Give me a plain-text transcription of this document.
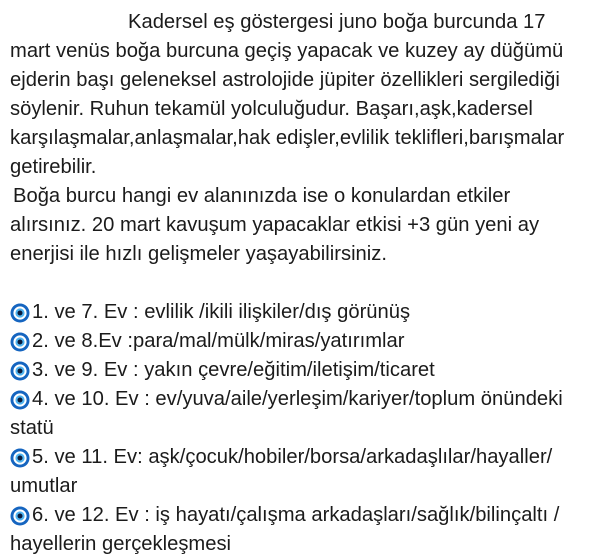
Kadersel eş göstergesi juno boğa burcunda 17
mart venüs boğa burcuna geçiş yapacak ve kuzey ay düğümü
ejderin başı geleneksel astrolojide jüpiter özellikleri sergilediği
söylenir. Ruhun tekamül yolculuğudur. Başarı,aşk,kadersel
karşılaşmalar,anlaşmalar,hak edişler,evlilik teklifleri,barışmalar
getirebilir.
Boğa burcu hangi ev alanınızda ise o konulardan etkiler
alırsınız. 20 mart kavuşum yapacaklar etkisi +3 gün yeni ay
enerjisi ile hızlı gelişmeler yaşayabilirsiniz.
1. ve 7. Ev : evlilik /ikili ilişkiler/dış görünüş
2. ve 8.Ev :para/mal/mülk/miras/yatırımlar
3. ve 9. Ev : yakın çevre/eğitim/iletişim/ticaret
4. ve 10. Ev : ev/yuva/aile/yerleşim/kariyer/toplum önündeki
statü
5. ve 11. Ev: aşk/çocuk/hobiler/borsa/arkadaşlılar/hayaller/
umutlar
6. ve 12. Ev : iş hayatı/çalışma arkadaşları/sağlık/bilinçaltı /
hayellerin gerçekleşmesi
